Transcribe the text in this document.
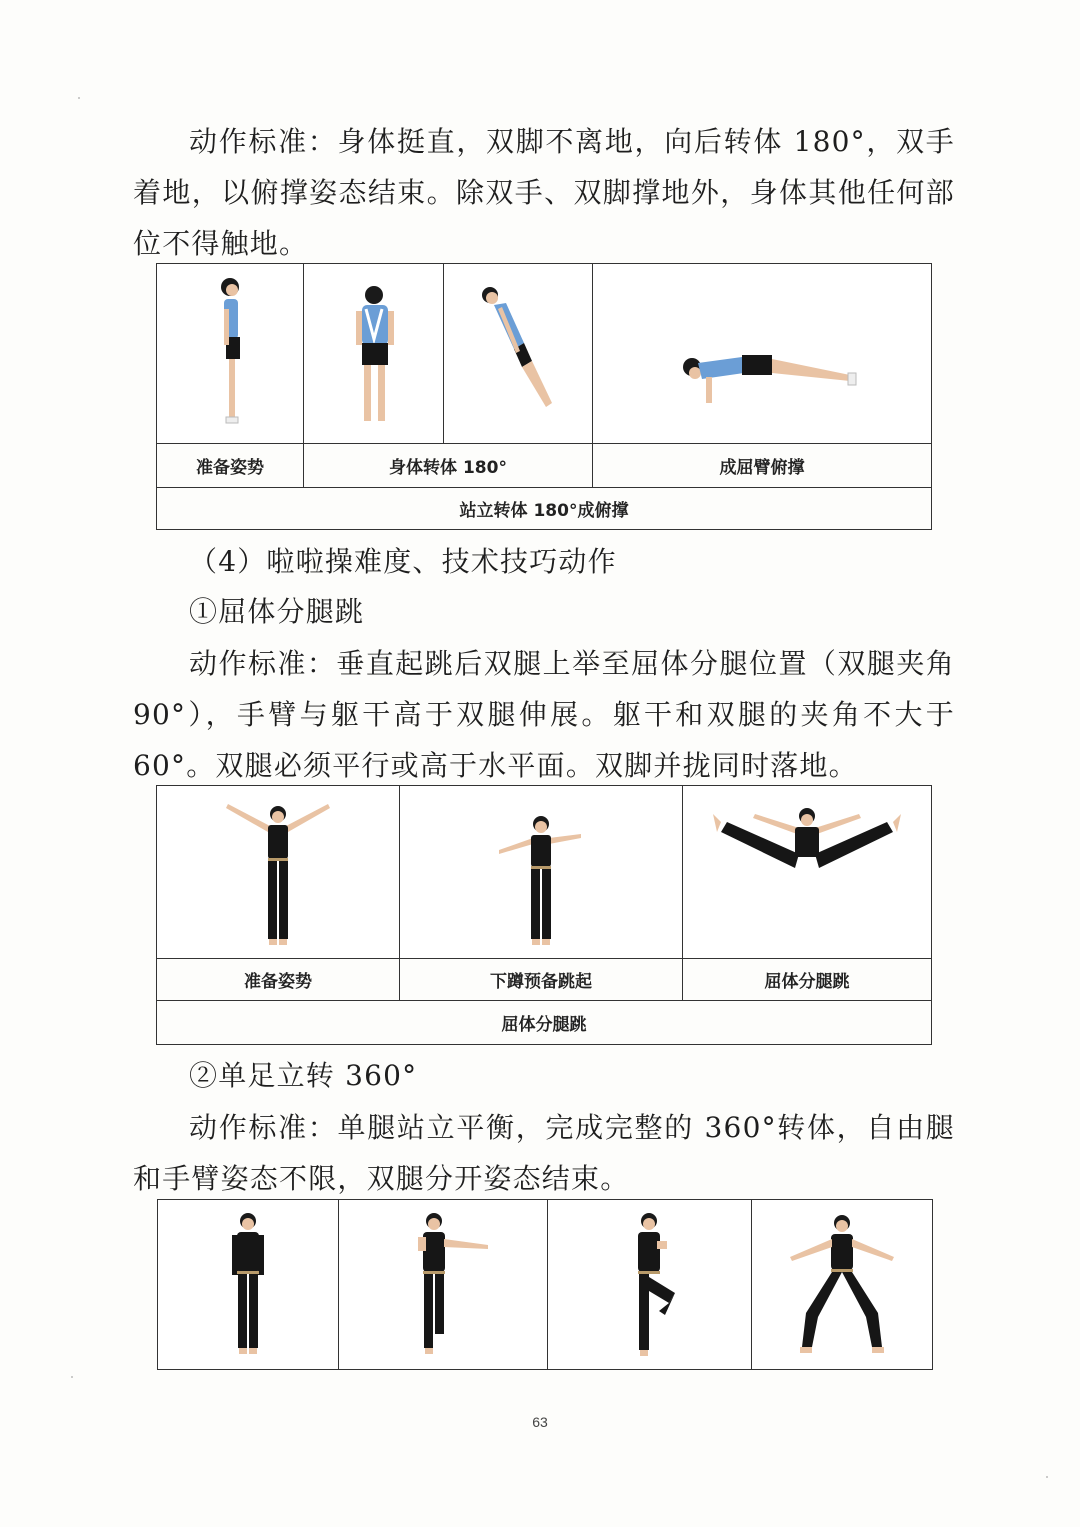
动作标准：身体挺直，双脚不离地，向后转体 180°，双手着地，以俯撑姿态结束。除双手、双脚撑地外，身体其他任何部位不得触地。

准备姿势	身体转体 180°		成屈臂俯撑
站立转体 180°成俯撑			

（4）啦啦操难度、技术技巧动作

①屈体分腿跳

动作标准：垂直起跳后双腿上举至屈体分腿位置（双腿夹角 90°），手臂与躯干高于双腿伸展。躯干和双腿的夹角不大于 60°。双腿必须平行或高于水平面。双脚并拢同时落地。

准备姿势	下蹲预备跳起	屈体分腿跳
屈体分腿跳		

②单足立转 360°

动作标准：单腿站立平衡，完成完整的 360°转体，自由腿和手臂姿态不限，双腿分开姿态结束。

63
